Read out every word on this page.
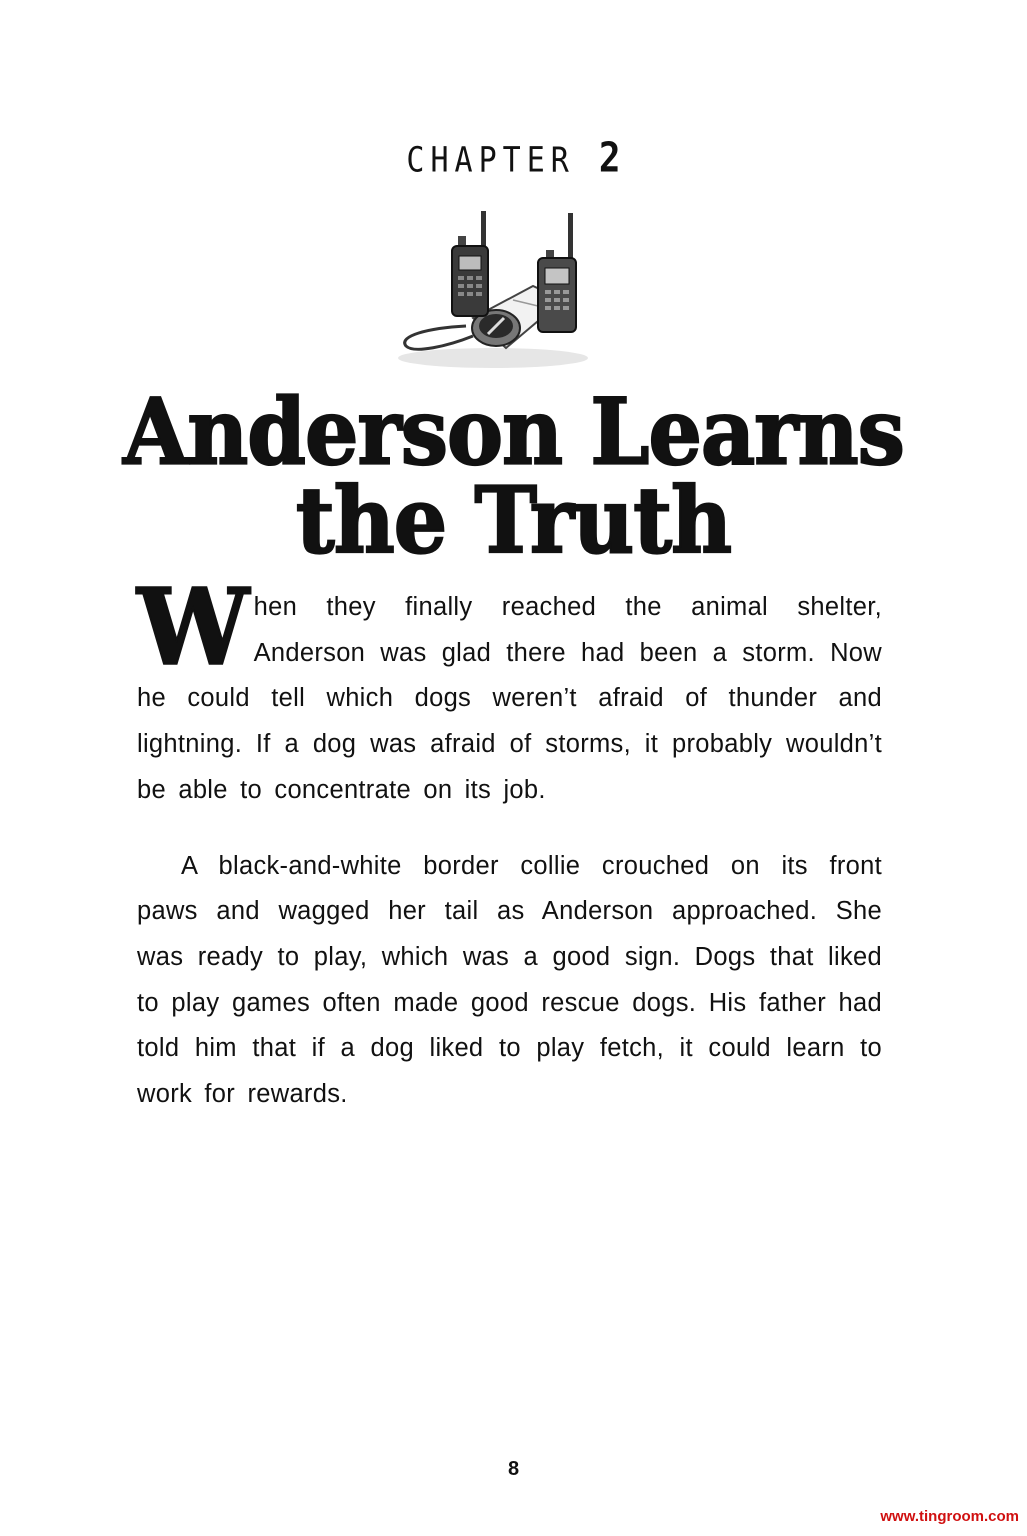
CHAPTER 2
Anderson Learns
the Truth

When they finally reached the animal shelter, Anderson was glad there had been a storm. Now he could tell which dogs weren’t afraid of thunder and lightning. If a dog was afraid of storms, it probably wouldn’t be able to concentrate on its job.

A black-and-white border collie crouched on its front paws and wagged her tail as Anderson approached. She was ready to play, which was a good sign. Dogs that liked to play games often made good rescue dogs. His father had told him that if a dog liked to play fetch, it could learn to work for rewards.

8
www.tingroom.com
